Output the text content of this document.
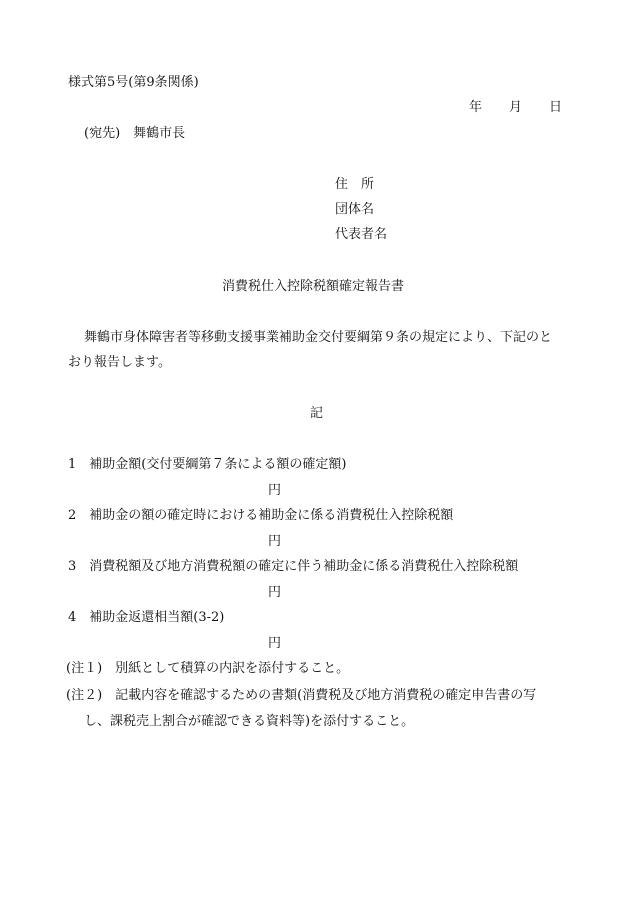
様式第5号(第9条関係)
年 月 日
(宛先)　舞鶴市長
住　所
団体名
代表者名
消費税仕入控除税額確定報告書
舞鶴市身体障害者等移動支援事業補助金交付要綱第９条の規定により、下記のと
おり報告します。
記
1　補助金額(交付要綱第７条による額の確定額)
円
2　補助金の額の確定時における補助金に係る消費税仕入控除税額
円
3　消費税額及び地方消費税額の確定に伴う補助金に係る消費税仕入控除税額
円
4　補助金返還相当額(3-2)
円
(注１)　別紙として積算の内訳を添付すること。
(注２)　記載内容を確認するための書類(消費税及び地方消費税の確定申告書の写
し、課税売上割合が確認できる資料等)を添付すること。
